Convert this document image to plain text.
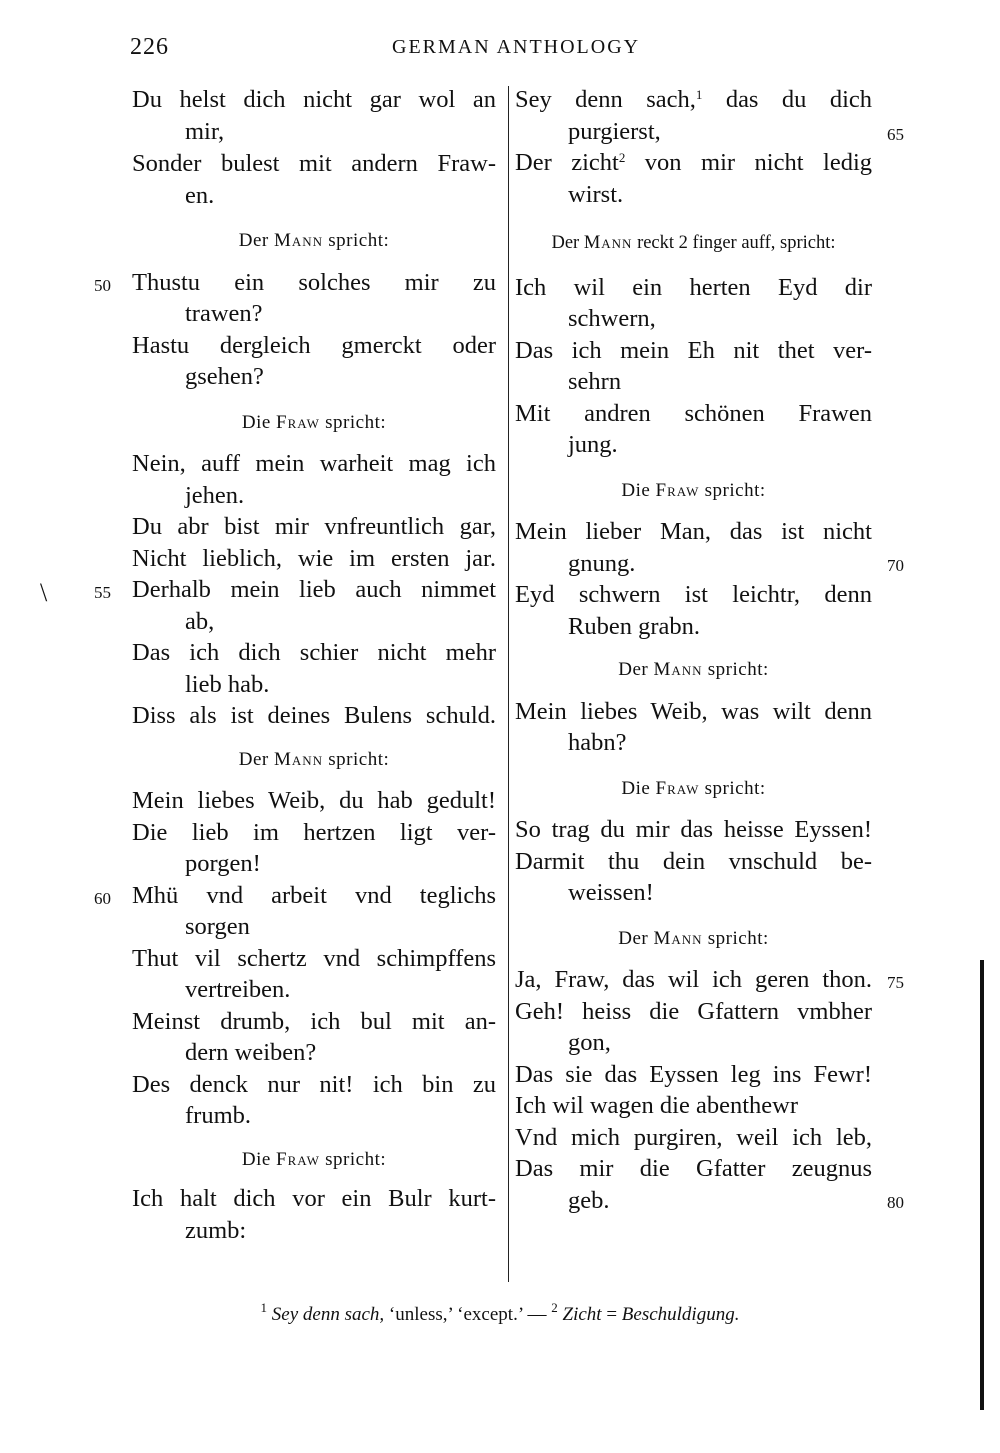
226	GERMAN ANTHOLOGY
\
Du helst dich nicht gar wol an
mir,
Sonder bulest mit andern Fraw-
en.
Der Mann spricht:
50 Thustu ein solches mir zu
trawen?
Hastu dergleich gmerckt oder
gsehen?
Die Fraw spricht:
Nein, auff mein warheit mag ich
jehen.
Du abr bist mir vnfreuntlich gar,
Nicht lieblich, wie im ersten jar.
55 Derhalb mein lieb auch nimmet
ab,
Das ich dich schier nicht mehr
lieb hab.
Diss als ist deines Bulens schuld.
Der Mann spricht:
Mein liebes Weib, du hab gedult!
Die lieb im hertzen ligt ver-
porgen!
60 Mhü vnd arbeit vnd teglichs
sorgen
Thut vil schertz vnd schimpffens
vertreiben.
Meinst drumb, ich bul mit an-
dern weiben?
Des denck nur nit! ich bin zu
frumb.
Die Fraw spricht:
Ich halt dich vor ein Bulr kurt-
zumb:
65
Sey denn sach,$^1$ das du dich
purgierst,
Der zicht$^2$ von mir nicht ledig
wirst.
Der Mann reckt 2 finger auff, spricht:
Ich wil ein herten Eyd dir
schwern,
Das ich mein Eh nit thet ver-
sehrn
Mit andren schönen Frawen
jung.
Die Fraw spricht:
70
Mein lieber Man, das ist nicht
gnung.
Eyd schwern ist leichtr, denn
Ruben grabn.
Der Mann spricht:
Mein liebes Weib, was wilt denn
habn?
Die Fraw spricht:
So trag du mir das heisse Eyssen!
Darmit thu dein vnschuld be-
weissen!
Der Mann spricht:
75
Ja, Fraw, das wil ich geren thon.
Geh! heiss die Gfattern vmbher
gon,
Das sie das Eyssen leg ins Fewr!
Ich wil wagen die abenthewr
Vnd mich purgiren, weil ich leb,
80
Das mir die Gfatter zeugnus
geb.
$^1$ Sey denn sach, ‘unless,’ ‘except.’ — $^2$ Zicht = Beschuldigung.
